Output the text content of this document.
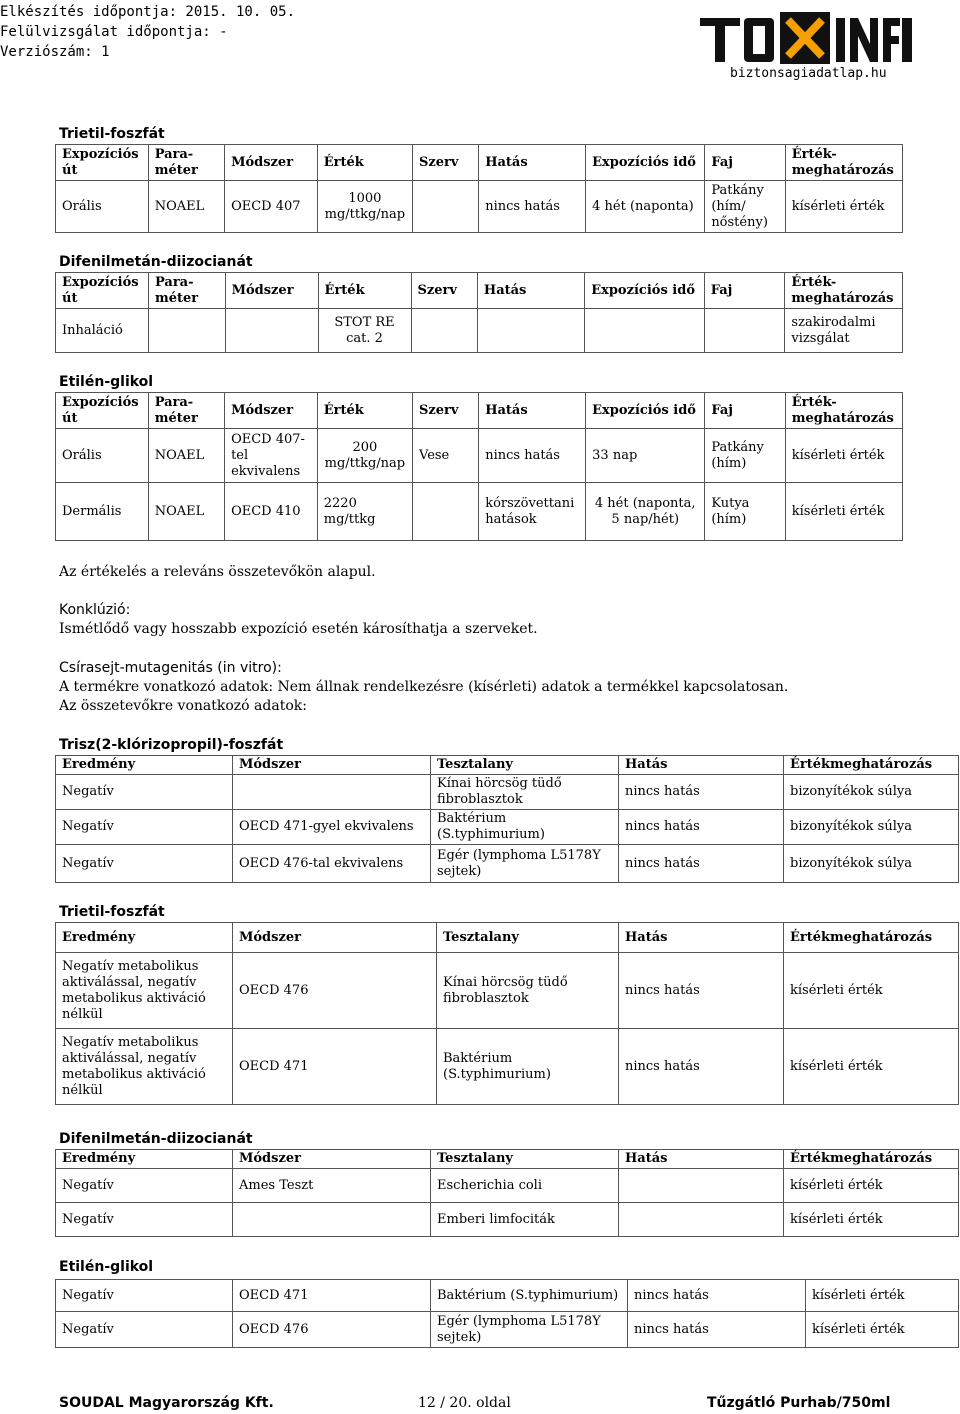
Elkészítés időpontja: 2015. 10. 05.
Felülvizsgálat időpontja: -
Verziószám: 1
biztonsagiadatlap.hu
Trietil-foszfát
Expozíciós út	Para- méter	Módszer	Érték	Szerv	Hatás	Expozíciós idő	Faj	Érték- meghatározás
Orális	NOAEL	OECD 407	1000 mg/ttkg/nap		nincs hatás	4 hét (naponta)	Patkány (hím/ nőstény)	kísérleti érték
Difenilmetán-diizocianát
Expozíciós út	Para- méter	Módszer	Érték	Szerv	Hatás	Expozíciós idő	Faj	Érték- meghatározás
Inhaláció			STOT RE cat. 2					szakirodalmi vizsgálat
Etilén-glikol
Expozíciós út	Para- méter	Módszer	Érték	Szerv	Hatás	Expozíciós idő	Faj	Érték- meghatározás
Orális	NOAEL	OECD 407-tel ekvivalens	200 mg/ttkg/nap	Vese	nincs hatás	33 nap	Patkány (hím)	kísérleti érték
Dermális	NOAEL	OECD 410	2220 mg/ttkg		kórszövettani hatások	4 hét (naponta, 5 nap/hét)	Kutya (hím)	kísérleti érték
Az értékelés a releváns összetevőkön alapul.
Konklúzió:
Ismétlődő vagy hosszabb expozíció esetén károsíthatja a szerveket.
Csírasejt-mutagenitás (in vitro):
A termékre vonatkozó adatok: Nem állnak rendelkezésre (kísérleti) adatok a termékkel kapcsolatosan.
Az összetevőkre vonatkozó adatok:
Trisz(2-klórizopropil)-foszfát
Eredmény	Módszer	Tesztalany	Hatás	Értékmeghatározás
Negatív		Kínai hörcsög tüdő fibroblasztok	nincs hatás	bizonyítékok súlya
Negatív	OECD 471-gyel ekvivalens	Baktérium (S.typhimurium)	nincs hatás	bizonyítékok súlya
Negatív	OECD 476-tal ekvivalens	Egér (lymphoma L5178Y sejtek)	nincs hatás	bizonyítékok súlya
Trietil-foszfát
Eredmény	Módszer	Tesztalany	Hatás	Értékmeghatározás
Negatív metabolikus aktiválással, negatív metabolikus aktiváció nélkül	OECD 476	Kínai hörcsög tüdő fibroblasztok	nincs hatás	kísérleti érték
Negatív metabolikus aktiválással, negatív metabolikus aktiváció nélkül	OECD 471	Baktérium (S.typhimurium)	nincs hatás	kísérleti érték
Difenilmetán-diizocianát
Eredmény	Módszer	Tesztalany	Hatás	Értékmeghatározás
Negatív	Ames Teszt	Escherichia coli		kísérleti érték
Negatív		Emberi limfociták		kísérleti érték
Etilén-glikol
Negatív	OECD 471	Baktérium (S.typhimurium)	nincs hatás	kísérleti érték
Negatív	OECD 476	Egér (lymphoma L5178Y sejtek)	nincs hatás	kísérleti érték
SOUDAL Magyarország Kft.	12 / 20. oldal	Tűzgátló Purhab/750ml
